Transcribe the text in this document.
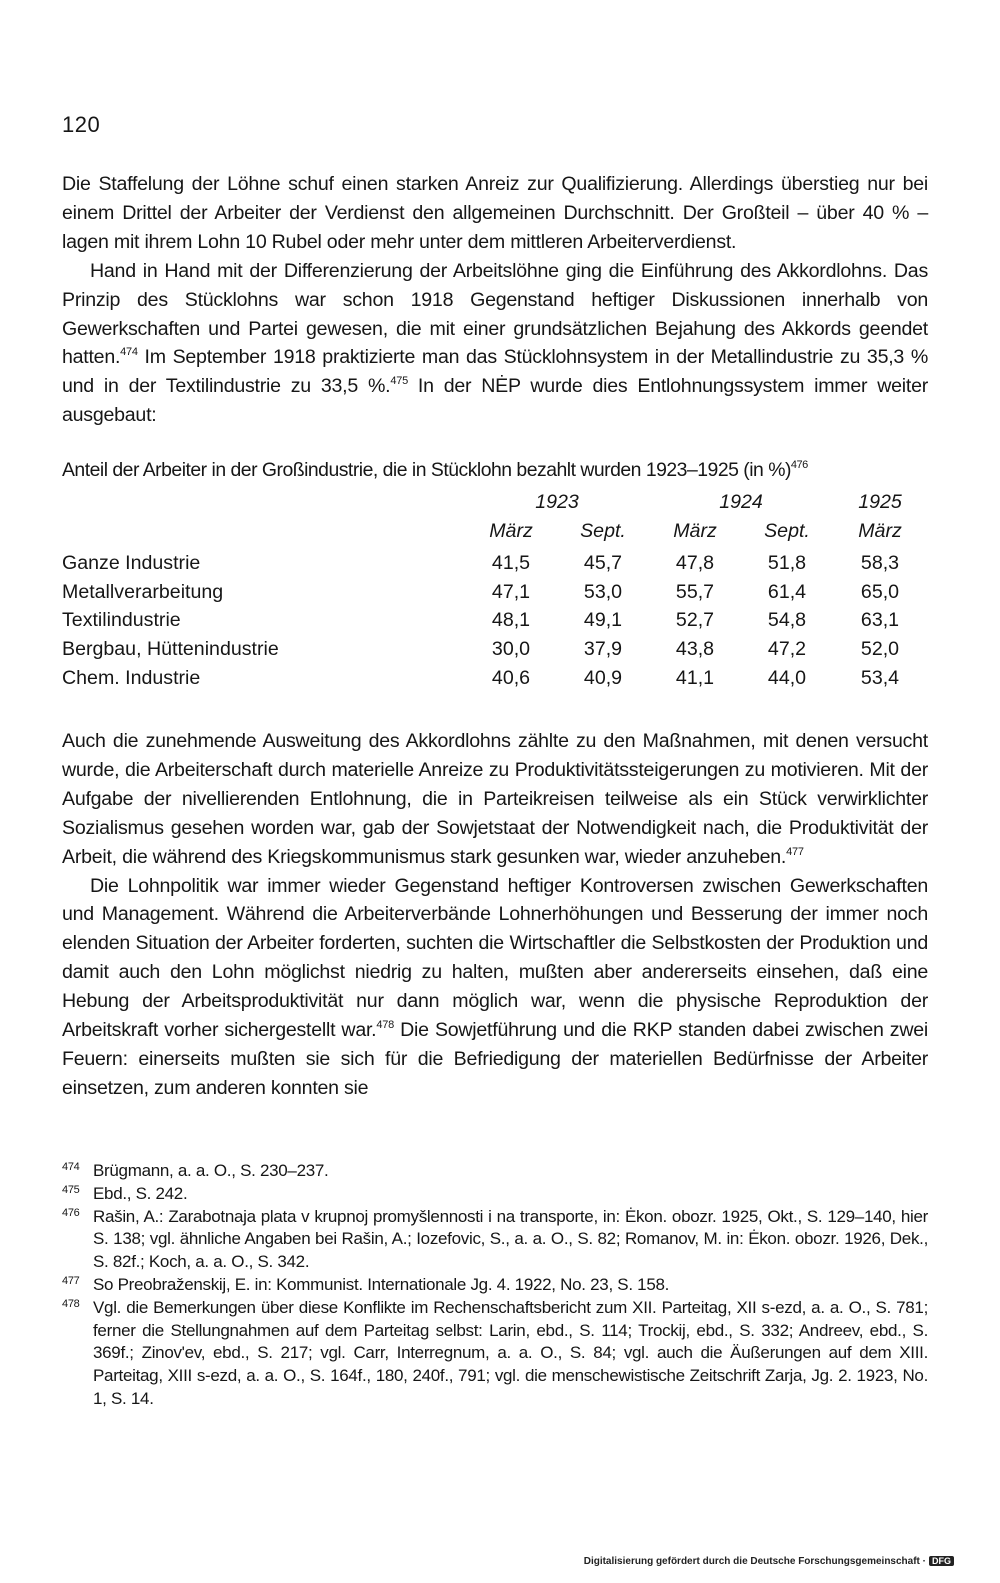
120

Die Staffelung der Löhne schuf einen starken Anreiz zur Qualifizierung. Allerdings überstieg nur bei einem Drittel der Arbeiter der Verdienst den allgemeinen Durchschnitt. Der Großteil – über 40 % – lagen mit ihrem Lohn 10 Rubel oder mehr unter dem mittleren Arbeiterverdienst.

Hand in Hand mit der Differenzierung der Arbeitslöhne ging die Einführung des Akkordlohns. Das Prinzip des Stücklohns war schon 1918 Gegenstand heftiger Diskussionen innerhalb von Gewerkschaften und Partei gewesen, die mit einer grundsätzlichen Bejahung des Akkords geendet hatten.$^{474}$ Im September 1918 praktizierte man das Stücklohnsystem in der Metallindustrie zu 35,3 % und in der Textilindustrie zu 33,5 %.$^{475}$ In der NĖP wurde dies Entlohnungssystem immer weiter ausgebaut:

Anteil der Arbeiter in der Großindustrie, die in Stücklohn bezahlt wurden 1923–1925 (in %)$^{476}$
1923	1924	1925
März	Sept.	März	Sept.	März
Ganze Industrie	41,5	45,7	47,8	51,8	58,3
Metallverarbeitung	47,1	53,0	55,7	61,4	65,0
Textilindustrie	48,1	49,1	52,7	54,8	63,1
Bergbau, Hüttenindustrie	30,0	37,9	43,8	47,2	52,0
Chem. Industrie	40,6	40,9	41,1	44,0	53,4

Auch die zunehmende Ausweitung des Akkordlohns zählte zu den Maßnahmen, mit denen versucht wurde, die Arbeiterschaft durch materielle Anreize zu Produktivitätssteigerungen zu motivieren. Mit der Aufgabe der nivellierenden Entlohnung, die in Parteikreisen teilweise als ein Stück verwirklichter Sozialismus gesehen worden war, gab der Sowjetstaat der Notwendigkeit nach, die Produktivität der Arbeit, die während des Kriegskommunismus stark gesunken war, wieder anzuheben.$^{477}$

Die Lohnpolitik war immer wieder Gegenstand heftiger Kontroversen zwischen Gewerkschaften und Management. Während die Arbeiterverbände Lohnerhöhungen und Besserung der immer noch elenden Situation der Arbeiter forderten, suchten die Wirtschaftler die Selbstkosten der Produktion und damit auch den Lohn möglichst niedrig zu halten, mußten aber andererseits einsehen, daß eine Hebung der Arbeitsproduktivität nur dann möglich war, wenn die physische Reproduktion der Arbeitskraft vorher sichergestellt war.$^{478}$ Die Sowjetführung und die RKP standen dabei zwischen zwei Feuern: einerseits mußten sie sich für die Befriedigung der materiellen Bedürfnisse der Arbeiter einsetzen, zum anderen konnten sie

474 Brügmann, a. a. O., S. 230–237.
475 Ebd., S. 242.
476 Rašin, A.: Zarabotnaja plata v krupnoj promyšlennosti i na transporte, in: Ėkon. obozr. 1925, Okt., S. 129–140, hier S. 138; vgl. ähnliche Angaben bei Rašin, A.; Iozefovic, S., a. a. O., S. 82; Romanov, M. in: Ėkon. obozr. 1926, Dek., S. 82f.; Koch, a. a. O., S. 342.
477 So Preobraženskij, E. in: Kommunist. Internationale Jg. 4. 1922, No. 23, S. 158.
478 Vgl. die Bemerkungen über diese Konflikte im Rechenschaftsbericht zum XII. Parteitag, XII s-ezd, a. a. O., S. 781; ferner die Stellungnahmen auf dem Parteitag selbst: Larin, ebd., S. 114; Trockij, ebd., S. 332; Andreev, ebd., S. 369f.; Zinov'ev, ebd., S. 217; vgl. Carr, Interregnum, a. a. O., S. 84; vgl. auch die Äußerungen auf dem XIII. Parteitag, XIII s-ezd, a. a. O., S. 164f., 180, 240f., 791; vgl. die menschewistische Zeitschrift Zarja, Jg. 2. 1923, No. 1, S. 14.
Digitalisierung gefördert durch die Deutsche Forschungsgemeinschaft · DFG
